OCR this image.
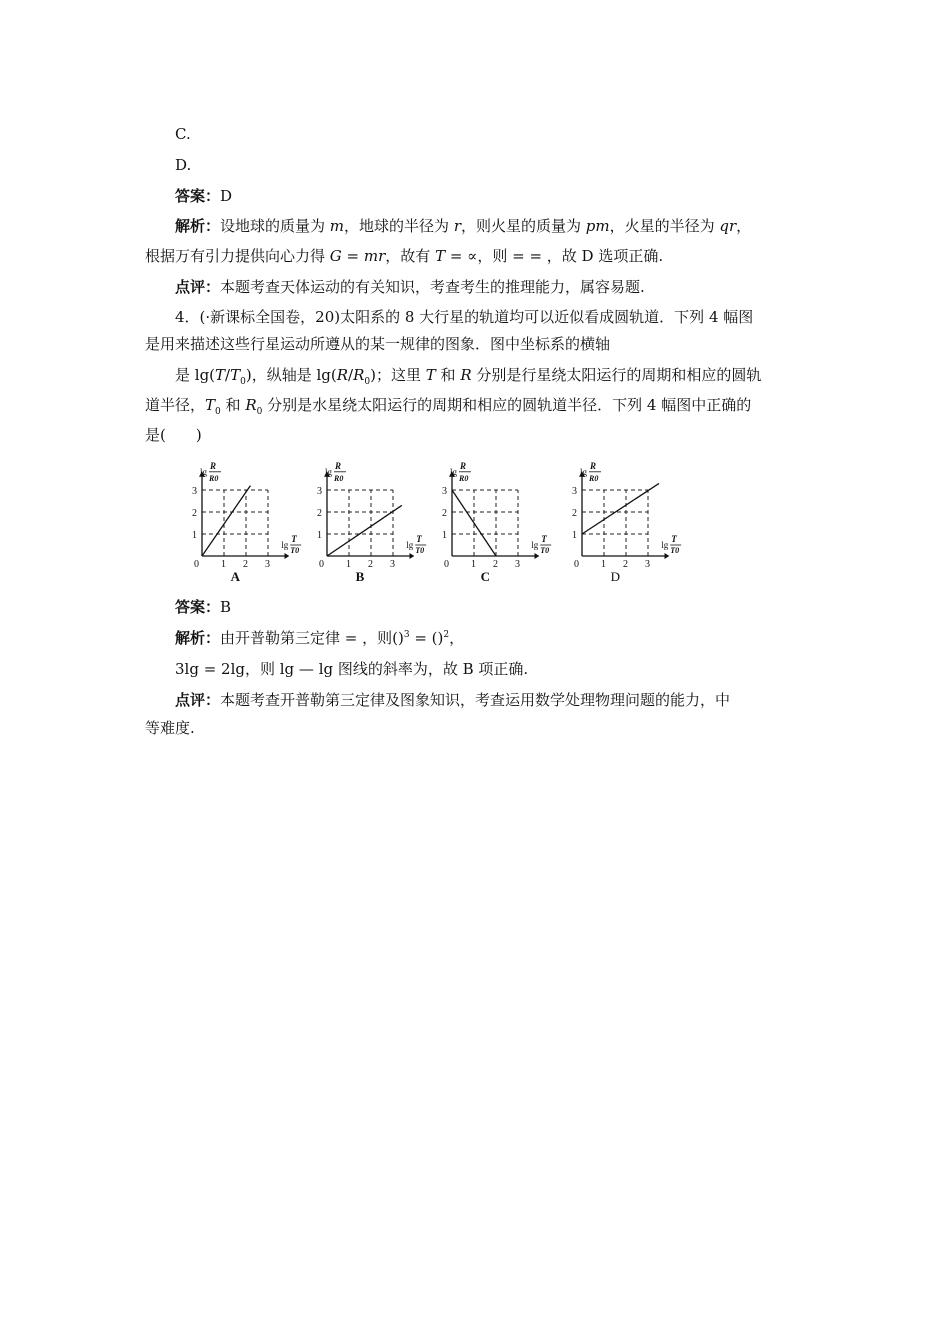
C.
D.
答案：D
解析：设地球的质量为 m，地球的半径为 r，则火星的质量为 pm，火星的半径为 qr，
根据万有引力提供向心力得 G = mr，故有 T = ∝，则 = = ，故 D 选项正确.
点评：本题考查天体运动的有关知识，考查考生的推理能力，属容易题.
4．(·新课标全国卷，20)太阳系的 8 大行星的轨道均可以近似看成圆轨道．下列 4 幅图
是用来描述这些行星运动所遵从的某一规律的图象．图中坐标系的横轴
是 $\lg(T/T_0)$，纵轴是 $\lg(R/R_0)$；这里 T 和 R 分别是行星绕太阳运行的周期和相应的圆轨
道半径，$T_0$ 和 $R_0$ 分别是水星绕太阳运行的周期和相应的圆轨道半径．下列 4 幅图中正确的
是(　　)
0 1 2 3
1
2
3
lg
R
R0
lg
T
T0
A
0 1 2 3
1
2
3
lg
R
R0
lg
T
T0
B
0 1 2 3
1
2
3
lg
R
R0
lg
T
T0
C
0 1 2 3
1
2
3
lg
R
R0
lg
T
T0
D
答案：B
解析：由开普勒第三定律 = ，则()$^3$ = ()$^2$，
3lg = 2lg，则 lg — lg 图线的斜率为，故 B 项正确.
点评：本题考查开普勒第三定律及图象知识，考查运用数学处理物理问题的能力，中
等难度.
